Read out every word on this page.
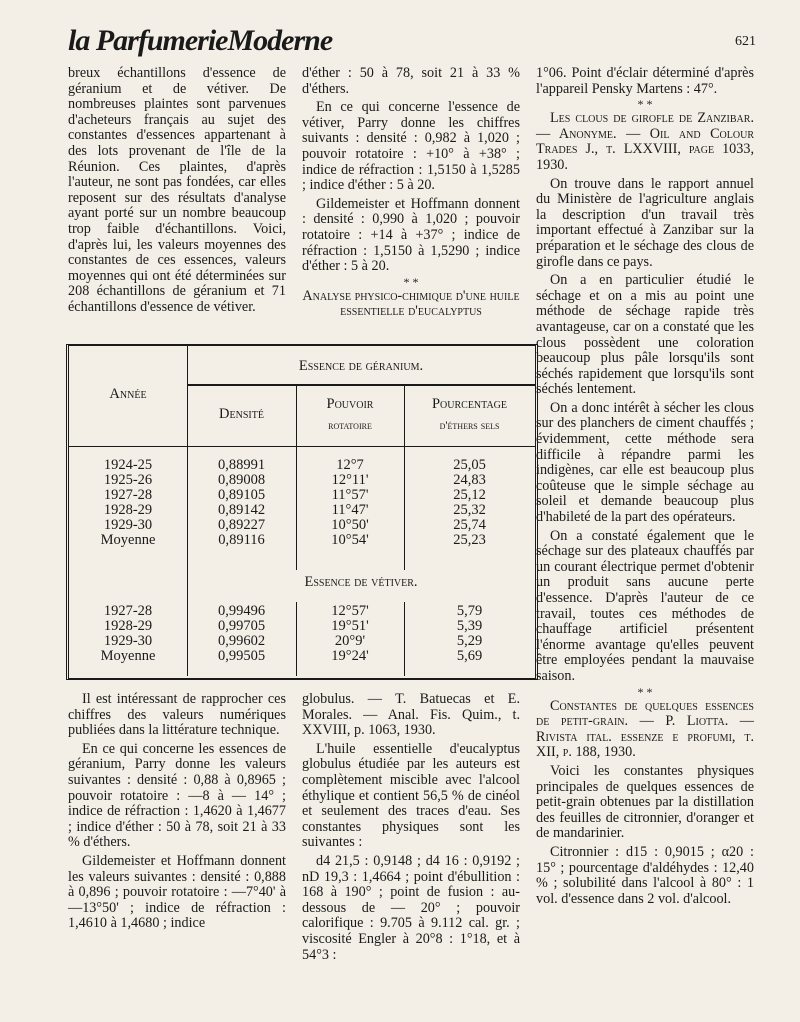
la ParfumerieModerne	621

breux échantillons d'essence de géranium et de vétiver. De nombreuses plaintes sont parvenues d'acheteurs français au sujet des constantes d'essences appartenant à des lots provenant de l'île de la Réunion. Ces plaintes, d'après l'auteur, ne sont pas fondées, car elles reposent sur des résultats d'analyse ayant porté sur un nombre beaucoup trop faible d'échantillons. Voici, d'après lui, les valeurs moyennes des constantes de ces essences, valeurs moyennes qui ont été déterminées sur 208 échantillons de géranium et 71 échantillons d'essence de vétiver.

d'éther : 50 à 78, soit 21 à 33 % d'éthers.

En ce qui concerne l'essence de vétiver, Parry donne les chiffres suivants : densité : 0,982 à 1,020 ; pouvoir rotatoire : +10° à +38° ; indice de réfraction : 1,5150 à 1,5285 ; indice d'éther : 5 à 20.

Gildemeister et Hoffmann donnent : densité : 0,990 à 1,020 ; pouvoir rotatoire : +14 à +37° ; indice de réfraction : 1,5150 à 1,5290 ; indice d'éther : 5 à 20.

* *

Analyse physico-chimique d'une huile essentielle d'eucalyptus

1°06. Point d'éclair déterminé d'après l'appareil Pensky Martens : 47°.

* *

Les clous de girofle de Zanzibar. — Anonyme. — Oil and Colour Trades J., t. LXXVIII, page 1033, 1930.

On trouve dans le rapport annuel du Ministère de l'agriculture anglais la description d'un travail très important effectué à Zanzibar sur la préparation et le séchage des clous de girofle dans ce pays.

On a en particulier étudié le séchage et on a mis au point une méthode de séchage rapide très avantageuse, car on a constaté que les clous possèdent une coloration beaucoup plus pâle lorsqu'ils sont séchés rapidement que lorsqu'ils sont séchés lentement.

On a donc intérêt à sécher les clous sur des planchers de ciment chauffés ; évidemment, cette méthode sera difficile à répandre parmi les indigènes, car elle est beaucoup plus coûteuse que le simple séchage au soleil et demande beaucoup plus d'habileté de la part des opérateurs.

On a constaté également que le séchage sur des plateaux chauffés par un courant électrique permet d'obtenir un produit sans aucune perte d'essence. D'après l'auteur de ce travail, toutes ces méthodes de chauffage artificiel présentent l'énorme avantage qu'elles peuvent être employées pendant la mauvaise saison.

* *

Constantes de quelques essences de petit-grain. — P. Liotta. — Rivista ital. essenze e profumi, t. XII, p. 188, 1930.

Voici les constantes physiques principales de quelques essences de petit-grain obtenues par la distillation des feuilles de citronnier, d'oranger et de mandarinier.

Citronnier : d15 : 0,9015 ; α20 : 15° ; pourcentage d'aldéhydes : 12,40 % ; solubilité dans l'alcool à 80° : 1 vol. d'essence dans 2 vol. d'alcool.

Année
Essence de géranium.
Densité
Pouvoir
rotatoire
Pourcentage
d'éthers sels
1924-25	0,88991	12°7	25,05
1925-26	0,89008	12°11'	24,83
1927-28	0,89105	11°57'	25,12
1928-29	0,89142	11°47'	25,32
1929-30	0,89227	10°50'	25,74
Moyenne	0,89116	10°54'	25,23
Essence de vétiver.
1927-28	0,99496	12°57'	5,79
1928-29	0,99705	19°51'	5,39
1929-30	0,99602	20°9'	5,29
Moyenne	0,99505	19°24'	5,69

Il est intéressant de rapprocher ces chiffres des valeurs numériques publiées dans la littérature technique.

En ce qui concerne les essences de géranium, Parry donne les valeurs suivantes : densité : 0,88 à 0,8965 ; pouvoir rotatoire : —8 à — 14° ; indice de réfraction : 1,4620 à 1,4677 ; indice d'éther : 50 à 78, soit 21 à 33 % d'éthers.

Gildemeister et Hoffmann donnent les valeurs suivantes : densité : 0,888 à 0,896 ; pouvoir rotatoire : —7°40' à —13°50' ; indice de réfraction : 1,4610 à 1,4680 ; indice

globulus. — T. Batuecas et E. Morales. — Anal. Fis. Quim., t. XXVIII, p. 1063, 1930.

L'huile essentielle d'eucalyptus globulus étudiée par les auteurs est complètement miscible avec l'alcool éthylique et contient 56,5 % de cinéol et seulement des traces d'eau. Ses constantes physiques sont les suivantes :

d4 21,5 : 0,9148 ; d4 16 : 0,9192 ; nD 19,3 : 1,4664 ; point d'ébullition : 168 à 190° ; point de fusion : au-dessous de — 20° ; pouvoir calorifique : 9.705 à 9.112 cal. gr. ; viscosité Engler à 20°8 : 1°18, et à 54°3 :
